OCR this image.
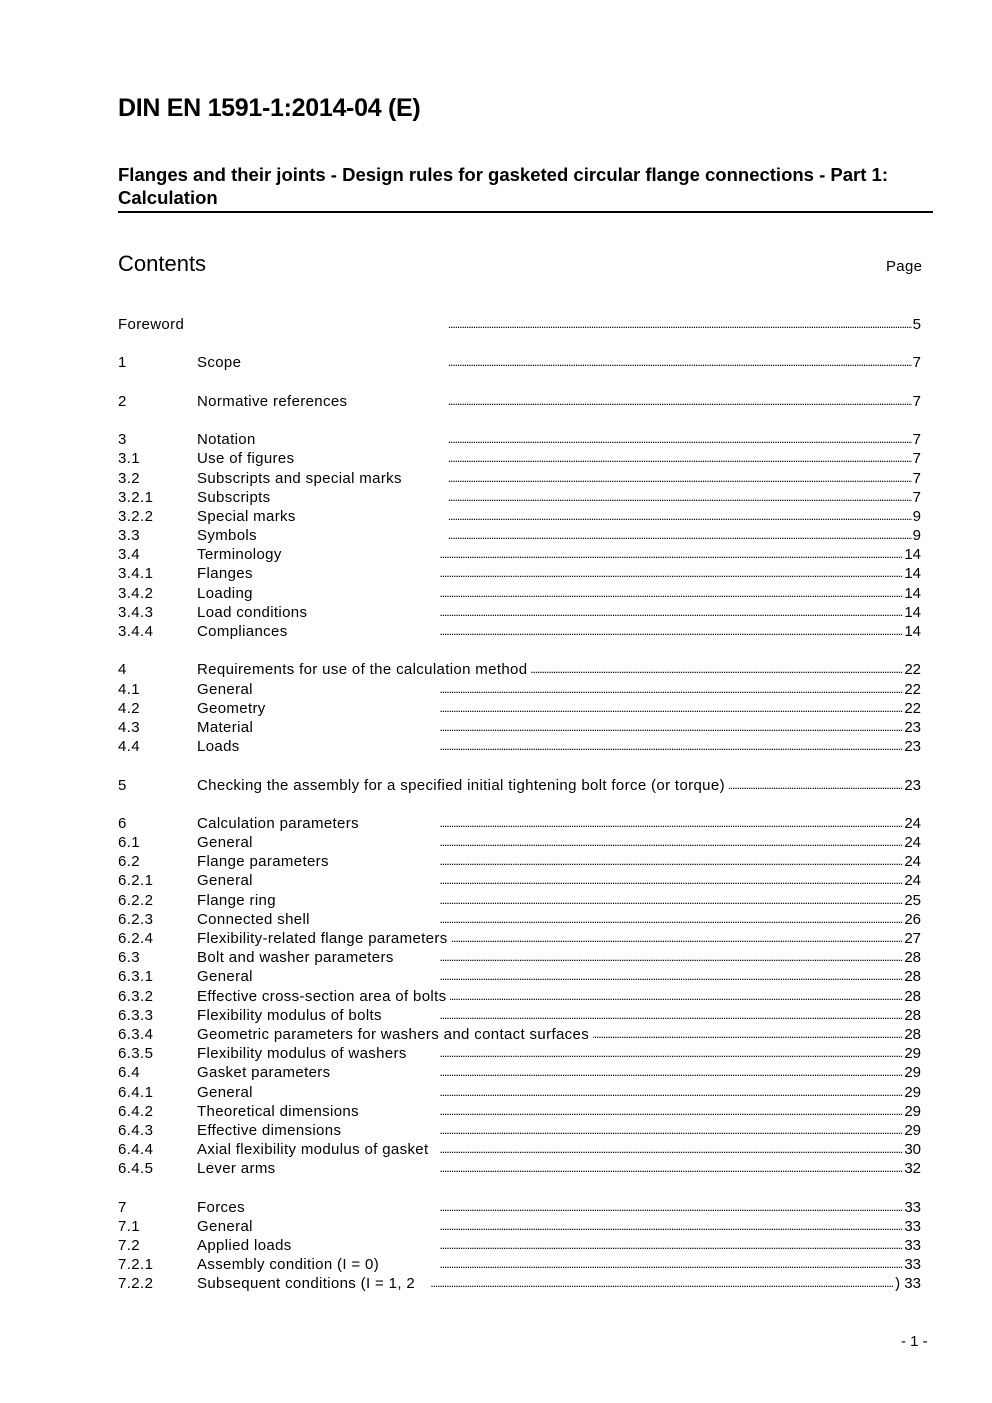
DIN EN 1591-1:2014-04 (E)
Flanges and their joints - Design rules for gasketed circular flange connections - Part 1: Calculation
Contents	Page
Foreword . . .	5
1	Scope . . .	7
2	Normative references . . .	7
3	Notation . . .	7
3.1	Use of figures . . .	7
3.2	Subscripts and special marks . . .	7
3.2.1	Subscripts . . .	7
3.2.2	Special marks . . .	9
3.3	Symbols . . .	9
3.4	Terminology . . .	14
3.4.1	Flanges . . .	14
3.4.2	Loading . . .	14
3.4.3	Load conditions . . .	14
3.4.4	Compliances . . .	14
4	Requirements for use of the calculation method . . .	22
4.1	General . . .	22
4.2	Geometry . . .	22
4.3	Material . . .	23
4.4	Loads . . .	23
5	Checking the assembly for a specified initial tightening bolt force (or torque) . . .	23
6	Calculation parameters . . .	24
6.1	General . . .	24
6.2	Flange parameters . . .	24
6.2.1	General . . .	24
6.2.2	Flange ring . . .	25
6.2.3	Connected shell . . .	26
6.2.4	Flexibility-related flange parameters . . .	27
6.3	Bolt and washer parameters . . .	28
6.3.1	General . . .	28
6.3.2	Effective cross-section area of bolts . . .	28
6.3.3	Flexibility modulus of bolts . . .	28
6.3.4	Geometric parameters for washers and contact surfaces . . .	28
6.3.5	Flexibility modulus of washers . . .	29
6.4	Gasket parameters . . .	29
6.4.1	General . . .	29
6.4.2	Theoretical dimensions . . .	29
6.4.3	Effective dimensions . . .	29
6.4.4	Axial flexibility modulus of gasket . . .	30
6.4.5	Lever arms . . .	32
7	Forces . . .	33
7.1	General . . .	33
7.2	Applied loads . . .	33
7.2.1	Assembly condition (I = 0) . . .	33
7.2.2	Subsequent conditions (I = 1, 2 . . .	) 33
- 1 -
